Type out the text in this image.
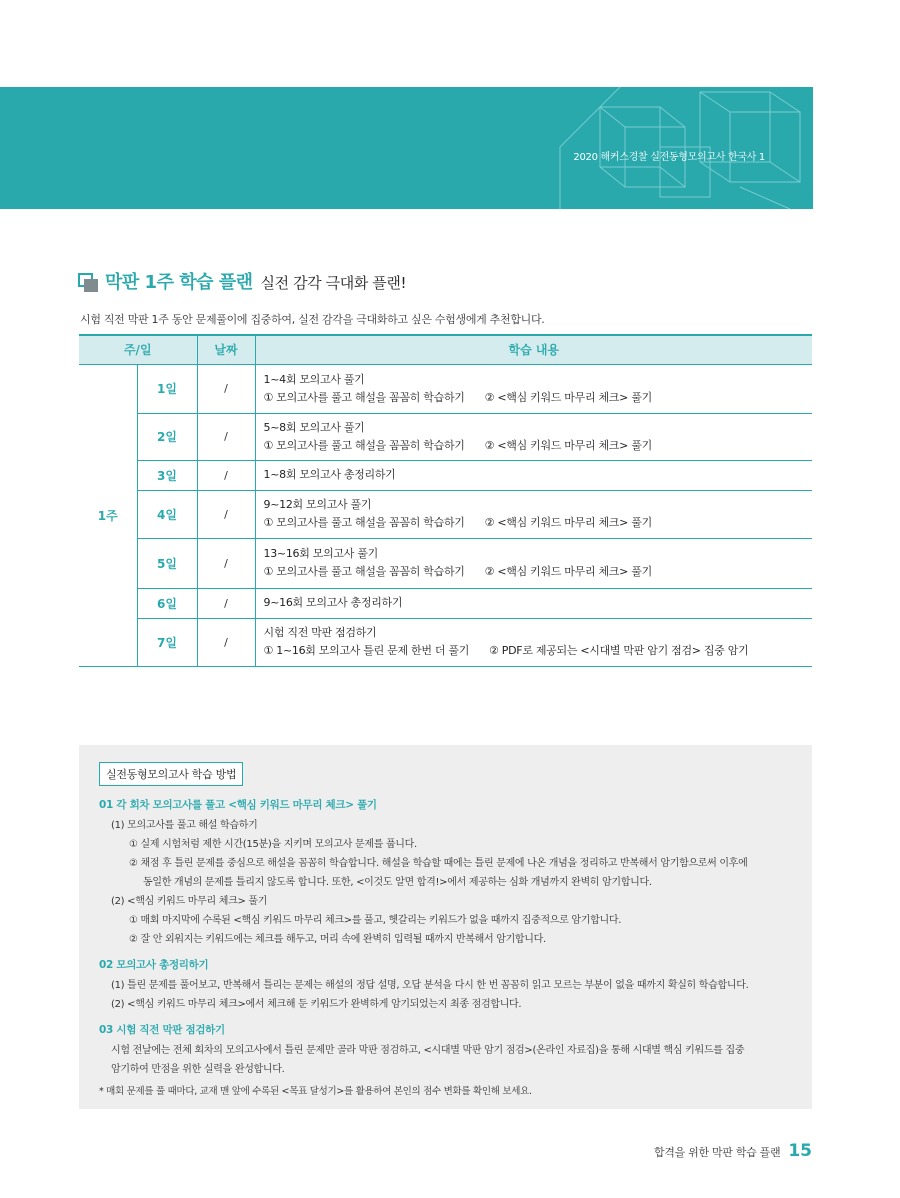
2020 해커스경찰 실전동형모의고사 한국사 1
막판 1주 학습 플랜 실전 감각 극대화 플랜!
시험 직전 막판 1주 동안 문제풀이에 집중하여, 실전 감각을 극대화하고 싶은 수험생에게 추천합니다.
주/일		날짜	학습 내용
1주	1일	/	1~4회 모의고사 풀기
① 모의고사를 풀고 해설을 꼼꼼히 학습하기 ② <핵심 키워드 마무리 체크> 풀기

	2일	/	5~8회 모의고사 풀기
① 모의고사를 풀고 해설을 꼼꼼히 학습하기 ② <핵심 키워드 마무리 체크> 풀기

	3일	/	1~8회 모의고사 총정리하기

	4일	/	9~12회 모의고사 풀기
① 모의고사를 풀고 해설을 꼼꼼히 학습하기 ② <핵심 키워드 마무리 체크> 풀기

	5일	/	13~16회 모의고사 풀기
① 모의고사를 풀고 해설을 꼼꼼히 학습하기 ② <핵심 키워드 마무리 체크> 풀기

	6일	/	9~16회 모의고사 총정리하기

	7일	/	시험 직전 막판 점검하기
① 1~16회 모의고사 틀린 문제 한번 더 풀기 ② PDF로 제공되는 <시대별 막판 암기 점검> 집중 암기
실전동형모의고사 학습 방법
01 각 회차 모의고사를 풀고 <핵심 키워드 마무리 체크> 풀기
(1) 모의고사를 풀고 해설 학습하기
① 실제 시험처럼 제한 시간(15분)을 지키며 모의고사 문제를 풉니다.
② 채점 후 틀린 문제를 중심으로 해설을 꼼꼼히 학습합니다. 해설을 학습할 때에는 틀린 문제에 나온 개념을 정리하고 반복해서 암기함으로써 이후에
동일한 개념의 문제를 틀리지 않도록 합니다. 또한, <이것도 알면 합격!>에서 제공하는 심화 개념까지 완벽히 암기합니다.
(2) <핵심 키워드 마무리 체크> 풀기
① 매회 마지막에 수록된 <핵심 키워드 마무리 체크>를 풀고, 헷갈리는 키워드가 없을 때까지 집중적으로 암기합니다.
② 잘 안 외워지는 키워드에는 체크를 해두고, 머리 속에 완벽히 입력될 때까지 반복해서 암기합니다.
02 모의고사 총정리하기
(1) 틀린 문제를 풀어보고, 반복해서 틀리는 문제는 해설의 정답 설명, 오답 분석을 다시 한 번 꼼꼼히 읽고 모르는 부분이 없을 때까지 확실히 학습합니다.
(2) <핵심 키워드 마무리 체크>에서 체크해 둔 키워드가 완벽하게 암기되었는지 최종 점검합니다.
03 시험 직전 막판 점검하기
시험 전날에는 전체 회차의 모의고사에서 틀린 문제만 골라 막판 점검하고, <시대별 막판 암기 점검>(온라인 자료집)을 통해 시대별 핵심 키워드를 집중
암기하여 만점을 위한 실력을 완성합니다.
* 매회 문제를 풀 때마다, 교재 맨 앞에 수록된 <목표 달성기>를 활용하여 본인의 점수 변화를 확인해 보세요.
합격을 위한 막판 학습 플랜 15
